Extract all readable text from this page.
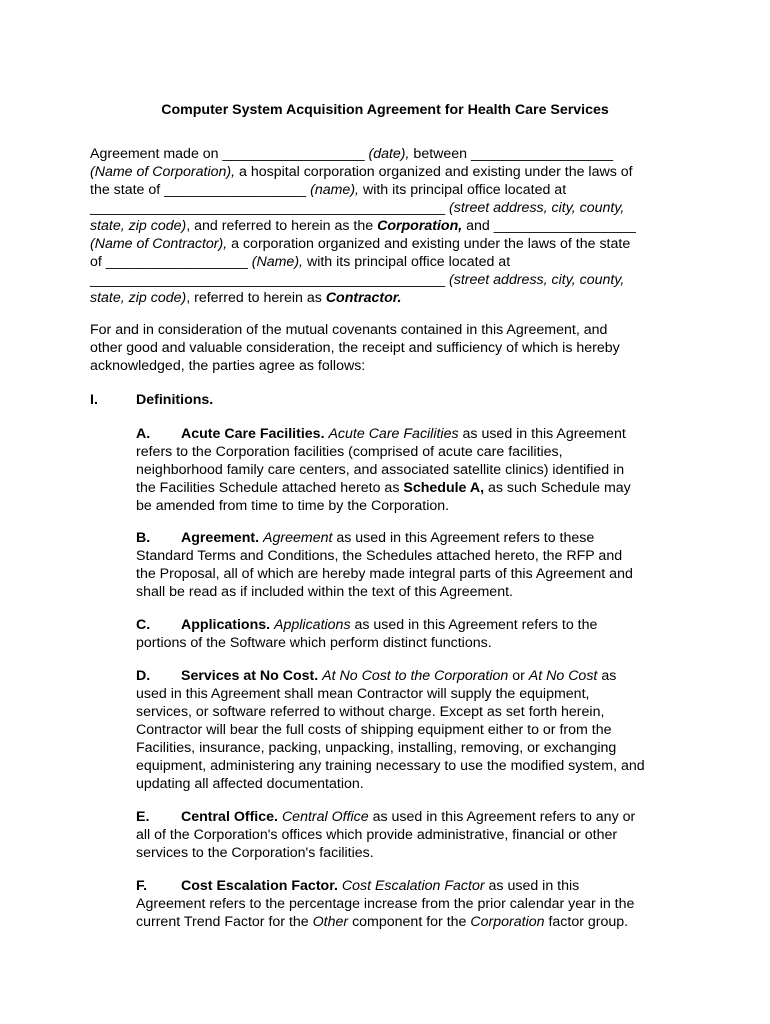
Computer System Acquisition Agreement for Health Care Services
Agreement made on __________________ (date), between __________________
(Name of Corporation), a hospital corporation organized and existing under the laws of
the state of __________________ (name), with its principal office located at
_____________________________________________ (street address, city, county,
state, zip code), and referred to herein as the Corporation, and __________________
(Name of Contractor), a corporation organized and existing under the laws of the state
of __________________ (Name), with its principal office located at
_____________________________________________ (street address, city, county,
state, zip code), referred to herein as Contractor.
For and in consideration of the mutual covenants contained in this Agreement, and
other good and valuable consideration, the receipt and sufficiency of which is hereby
acknowledged, the parties agree as follows:
I.	Definitions.
A. Acute Care Facilities. Acute Care Facilities as used in this Agreement
refers to the Corporation facilities (comprised of acute care facilities,
neighborhood family care centers, and associated satellite clinics) identified in
the Facilities Schedule attached hereto as Schedule A, as such Schedule may
be amended from time to time by the Corporation.
B. Agreement. Agreement as used in this Agreement refers to these
Standard Terms and Conditions, the Schedules attached hereto, the RFP and
the Proposal, all of which are hereby made integral parts of this Agreement and
shall be read as if included within the text of this Agreement.
C. Applications. Applications as used in this Agreement refers to the
portions of the Software which perform distinct functions.
D. Services at No Cost. At No Cost to the Corporation or At No Cost as
used in this Agreement shall mean Contractor will supply the equipment,
services, or software referred to without charge. Except as set forth herein,
Contractor will bear the full costs of shipping equipment either to or from the
Facilities, insurance, packing, unpacking, installing, removing, or exchanging
equipment, administering any training necessary to use the modified system, and
updating all affected documentation.
E. Central Office. Central Office as used in this Agreement refers to any or
all of the Corporation's offices which provide administrative, financial or other
services to the Corporation's facilities.
F. Cost Escalation Factor. Cost Escalation Factor as used in this
Agreement refers to the percentage increase from the prior calendar year in the
current Trend Factor for the Other component for the Corporation factor group.
